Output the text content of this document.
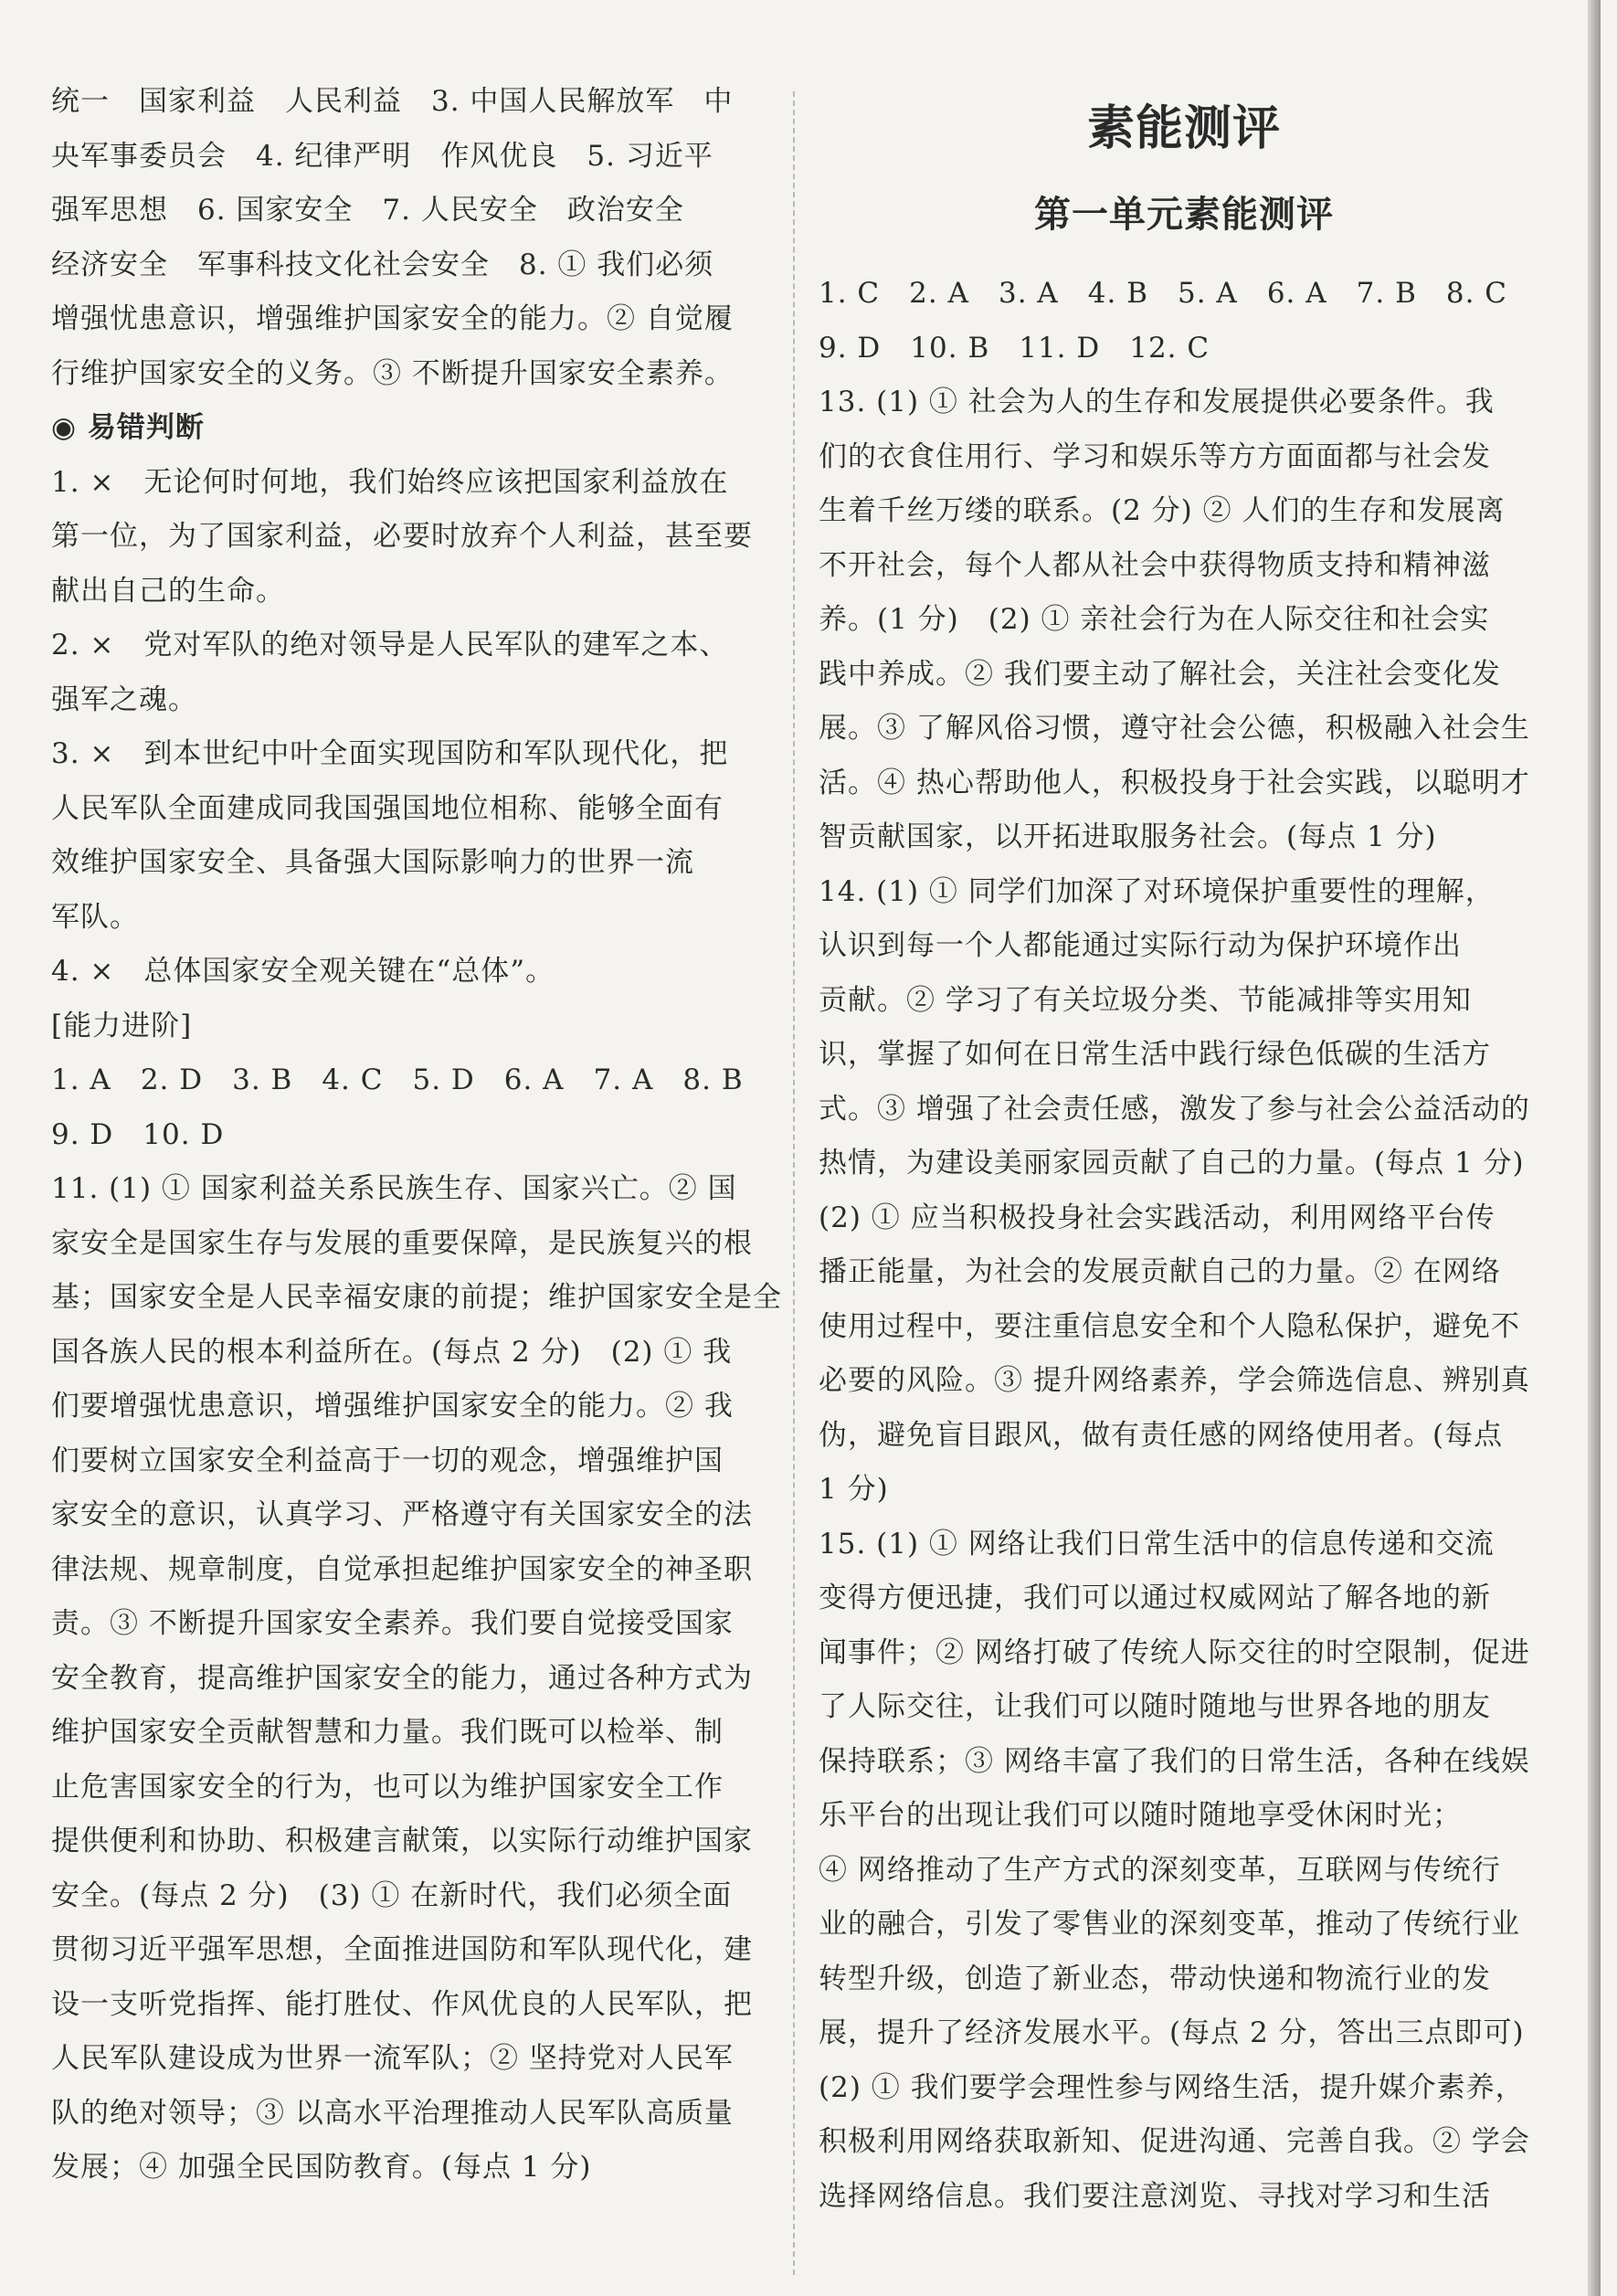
统一　国家利益　人民利益　3. 中国人民解放军　中
央军事委员会　4. 纪律严明　作风优良　5. 习近平
强军思想　6. 国家安全　7. 人民安全　政治安全
经济安全　军事科技文化社会安全　8. ① 我们必须
增强忧患意识，增强维护国家安全的能力。② 自觉履
行维护国家安全的义务。③ 不断提升国家安全素养。
◉ 易错判断
1. ×　无论何时何地，我们始终应该把国家利益放在
第一位，为了国家利益，必要时放弃个人利益，甚至要
献出自己的生命。
2. ×　党对军队的绝对领导是人民军队的建军之本、
强军之魂。
3. ×　到本世纪中叶全面实现国防和军队现代化，把
人民军队全面建成同我国强国地位相称、能够全面有
效维护国家安全、具备强大国际影响力的世界一流
军队。
4. ×　总体国家安全观关键在“总体”。
[能力进阶]
1. A　2. D　3. B　4. C　5. D　6. A　7. A　8. B
9. D　10. D
11. (1) ① 国家利益关系民族生存、国家兴亡。② 国
家安全是国家生存与发展的重要保障，是民族复兴的根
基；国家安全是人民幸福安康的前提；维护国家安全是全
国各族人民的根本利益所在。(每点 2 分)　(2) ① 我
们要增强忧患意识，增强维护国家安全的能力。② 我
们要树立国家安全利益高于一切的观念，增强维护国
家安全的意识，认真学习、严格遵守有关国家安全的法
律法规、规章制度，自觉承担起维护国家安全的神圣职
责。③ 不断提升国家安全素养。我们要自觉接受国家
安全教育，提高维护国家安全的能力，通过各种方式为
维护国家安全贡献智慧和力量。我们既可以检举、制
止危害国家安全的行为，也可以为维护国家安全工作
提供便利和协助、积极建言献策，以实际行动维护国家
安全。(每点 2 分)　(3) ① 在新时代，我们必须全面
贯彻习近平强军思想，全面推进国防和军队现代化，建
设一支听党指挥、能打胜仗、作风优良的人民军队，把
人民军队建设成为世界一流军队；② 坚持党对人民军
队的绝对领导；③ 以高水平治理推动人民军队高质量
发展；④ 加强全民国防教育。(每点 1 分)
素能测评
第一单元素能测评
1. C　2. A　3. A　4. B　5. A　6. A　7. B　8. C
9. D　10. B　11. D　12. C
13. (1) ① 社会为人的生存和发展提供必要条件。我
们的衣食住用行、学习和娱乐等方方面面都与社会发
生着千丝万缕的联系。(2 分) ② 人们的生存和发展离
不开社会，每个人都从社会中获得物质支持和精神滋
养。(1 分)　(2) ① 亲社会行为在人际交往和社会实
践中养成。② 我们要主动了解社会，关注社会变化发
展。③ 了解风俗习惯，遵守社会公德，积极融入社会生
活。④ 热心帮助他人，积极投身于社会实践，以聪明才
智贡献国家，以开拓进取服务社会。(每点 1 分)
14. (1) ① 同学们加深了对环境保护重要性的理解，
认识到每一个人都能通过实际行动为保护环境作出
贡献。② 学习了有关垃圾分类、节能减排等实用知
识，掌握了如何在日常生活中践行绿色低碳的生活方
式。③ 增强了社会责任感，激发了参与社会公益活动的
热情，为建设美丽家园贡献了自己的力量。(每点 1 分)
(2) ① 应当积极投身社会实践活动，利用网络平台传
播正能量，为社会的发展贡献自己的力量。② 在网络
使用过程中，要注重信息安全和个人隐私保护，避免不
必要的风险。③ 提升网络素养，学会筛选信息、辨别真
伪，避免盲目跟风，做有责任感的网络使用者。(每点
1 分)
15. (1) ① 网络让我们日常生活中的信息传递和交流
变得方便迅捷，我们可以通过权威网站了解各地的新
闻事件；② 网络打破了传统人际交往的时空限制，促进
了人际交往，让我们可以随时随地与世界各地的朋友
保持联系；③ 网络丰富了我们的日常生活，各种在线娱
乐平台的出现让我们可以随时随地享受休闲时光；
④ 网络推动了生产方式的深刻变革，互联网与传统行
业的融合，引发了零售业的深刻变革，推动了传统行业
转型升级，创造了新业态，带动快递和物流行业的发
展，提升了经济发展水平。(每点 2 分，答出三点即可)
(2) ① 我们要学会理性参与网络生活，提升媒介素养，
积极利用网络获取新知、促进沟通、完善自我。② 学会
选择网络信息。我们要注意浏览、寻找对学习和生活
